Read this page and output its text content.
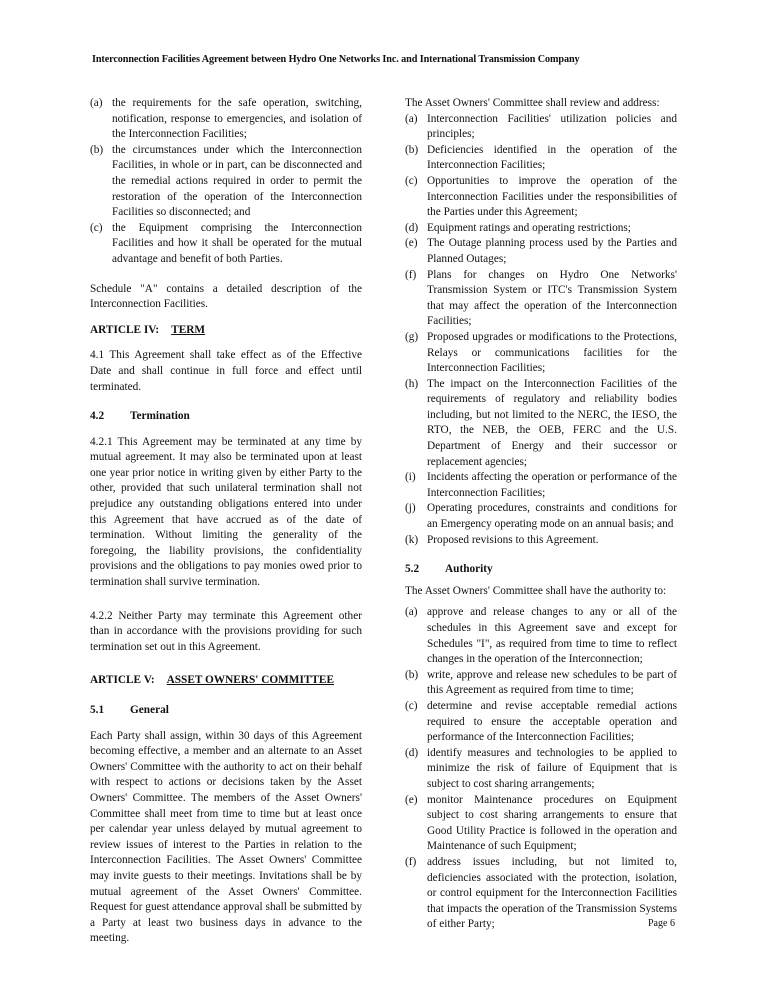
Interconnection Facilities Agreement between Hydro One Networks Inc. and International Transmission Company
(a) the requirements for the safe operation, switching, notification, response to emergencies, and isolation of the Interconnection Facilities;
(b) the circumstances under which the Interconnection Facilities, in whole or in part, can be disconnected and the remedial actions required in order to permit the restoration of the operation of the Interconnection Facilities so disconnected; and
(c) the Equipment comprising the Interconnection Facilities and how it shall be operated for the mutual advantage and benefit of both Parties.

Schedule "A" contains a detailed description of the Interconnection Facilities.

ARTICLE IV: TERM

4.1 This Agreement shall take effect as of the Effective Date and shall continue in full force and effect until terminated.

4.2 Termination

4.2.1 This Agreement may be terminated at any time by mutual agreement. It may also be terminated upon at least one year prior notice in writing given by either Party to the other, provided that such unilateral termination shall not prejudice any outstanding obligations entered into under this Agreement that have accrued as of the date of termination. Without limiting the generality of the foregoing, the liability provisions, the confidentiality provisions and the obligations to pay monies owed prior to termination shall survive termination.

4.2.2 Neither Party may terminate this Agreement other than in accordance with the provisions providing for such termination set out in this Agreement.

ARTICLE V: ASSET OWNERS' COMMITTEE

5.1 General

Each Party shall assign, within 30 days of this Agreement becoming effective, a member and an alternate to an Asset Owners' Committee with the authority to act on their behalf with respect to actions or decisions taken by the Asset Owners' Committee. The members of the Asset Owners' Committee shall meet from time to time but at least once per calendar year unless delayed by mutual agreement to review issues of interest to the Parties in relation to the Interconnection Facilities. The Asset Owners' Committee may invite guests to their meetings. Invitations shall be by mutual agreement of the Asset Owners' Committee. Request for guest attendance approval shall be submitted by a Party at least two business days in advance to the meeting.

The Asset Owners' Committee shall review and address:

(a) Interconnection Facilities' utilization policies and principles;
(b) Deficiencies identified in the operation of the Interconnection Facilities;
(c) Opportunities to improve the operation of the Interconnection Facilities under the responsibilities of the Parties under this Agreement;
(d) Equipment ratings and operating restrictions;
(e) The Outage planning process used by the Parties and Planned Outages;
(f) Plans for changes on Hydro One Networks' Transmission System or ITC's Transmission System that may affect the operation of the Interconnection Facilities;
(g) Proposed upgrades or modifications to the Protections, Relays or communications facilities for the Interconnection Facilities;
(h) The impact on the Interconnection Facilities of the requirements of regulatory and reliability bodies including, but not limited to the NERC, the IESO, the RTO, the NEB, the OEB, FERC and the U.S. Department of Energy and their successor or replacement agencies;
(i) Incidents affecting the operation or performance of the Interconnection Facilities;
(j) Operating procedures, constraints and conditions for an Emergency operating mode on an annual basis; and
(k) Proposed revisions to this Agreement.

5.2 Authority

The Asset Owners' Committee shall have the authority to:

(a) approve and release changes to any or all of the schedules in this Agreement save and except for Schedules "I", as required from time to time to reflect changes in the operation of the Interconnection;
(b) write, approve and release new schedules to be part of this Agreement as required from time to time;
(c) determine and revise acceptable remedial actions required to ensure the acceptable operation and performance of the Interconnection Facilities;
(d) identify measures and technologies to be applied to minimize the risk of failure of Equipment that is subject to cost sharing arrangements;
(e) monitor Maintenance procedures on Equipment subject to cost sharing arrangements to ensure that Good Utility Practice is followed in the operation and Maintenance of such Equipment;
(f) address issues including, but not limited to, deficiencies associated with the protection, isolation, or control equipment for the Interconnection Facilities that impacts the operation of the Transmission Systems of either Party;	Page 6
